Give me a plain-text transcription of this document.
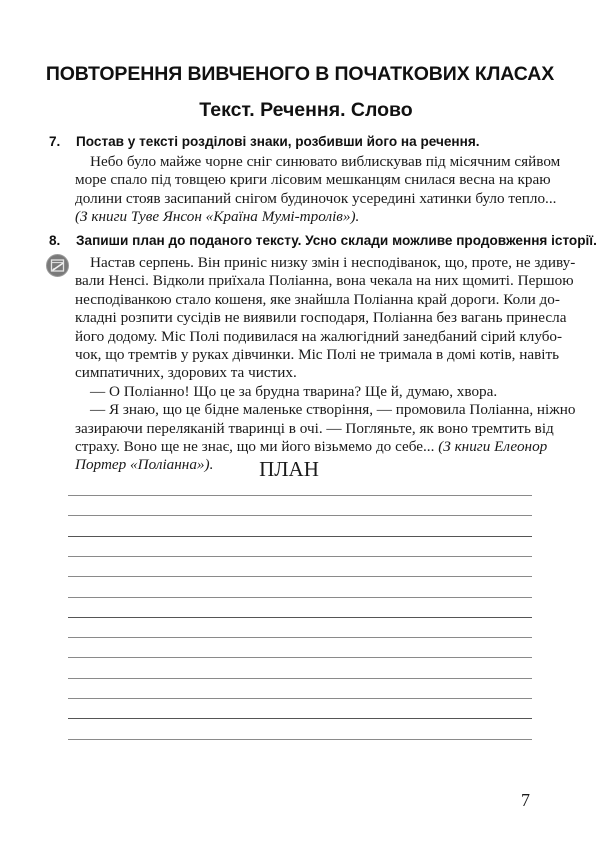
ПОВТОРЕННЯ ВИВЧЕНОГО В ПОЧАТКОВИХ КЛАСАХ
Текст. Речення. Слово
7. Постав у тексті розділові знаки, розбивши його на речення.
Небо було майже чорне сніг синювато виблискував під місячним сяйвом
море спало під товщею криги лісовим мешканцям снилася весна на краю
долини стояв засипаний снігом будиночок усередині хатинки було тепло...
(З книги Туве Янсон «Країна Мумі-тролів»).
8. Запиши план до поданого тексту. Усно склади можливе продовження історії.
Настав серпень. Він приніс низку змін і несподіванок, що, проте, не здиву-
вали Ненсі. Відколи приїхала Поліанна, вона чекала на них щомиті. Першою
несподіванкою стало кошеня, яке знайшла Поліанна край дороги. Коли до-
кладні розпити сусідів не виявили господаря, Поліанна без вагань принесла
його додому. Міс Полі подивилася на жалюгідний занедбаний сірий клубо-
чок, що тремтів у руках дівчинки. Міс Полі не тримала в домі котів, навіть
симпатичних, здорових та чистих.
— О Поліанно! Що це за брудна тварина? Ще й, думаю, хвора.
— Я знаю, що це бідне маленьке створіння, — промовила Поліанна, ніжно
зазираючи переляканій тваринці в очі. — Погляньте, як воно тремтить від
страху. Воно ще не знає, що ми його візьмемо до себе... (З книги Елеонор
Портер «Поліанна»).	ПЛАН
7
